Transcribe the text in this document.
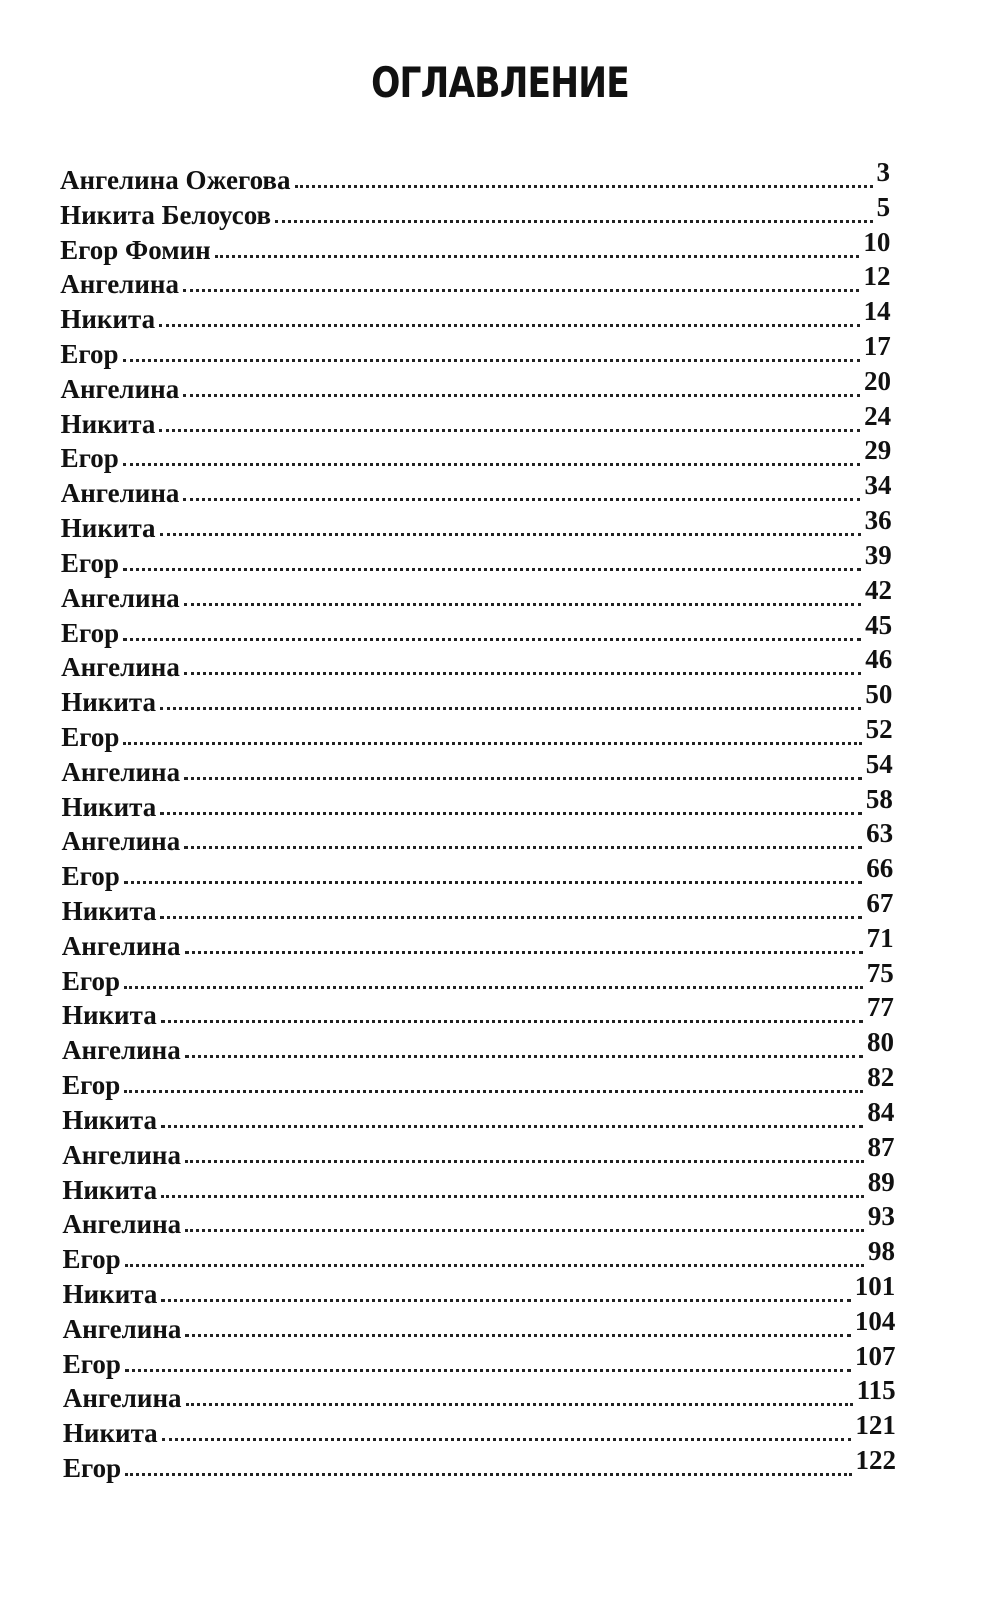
ОГЛАВЛЕНИЕ
Ангелина Ожегова	3
Никита Белоусов	5
Егор Фомин	10
Ангелина	12
Никита	14
Егор	17
Ангелина	20
Никита	24
Егор	29
Ангелина	34
Никита	36
Егор	39
Ангелина	42
Егор	45
Ангелина	46
Никита	50
Егор	52
Ангелина	54
Никита	58
Ангелина	63
Егор	66
Никита	67
Ангелина	71
Егор	75
Никита	77
Ангелина	80
Егор	82
Никита	84
Ангелина	87
Никита	89
Ангелина	93
Егор	98
Никита	101
Ангелина	104
Егор	107
Ангелина	115
Никита	121
Егор	122
